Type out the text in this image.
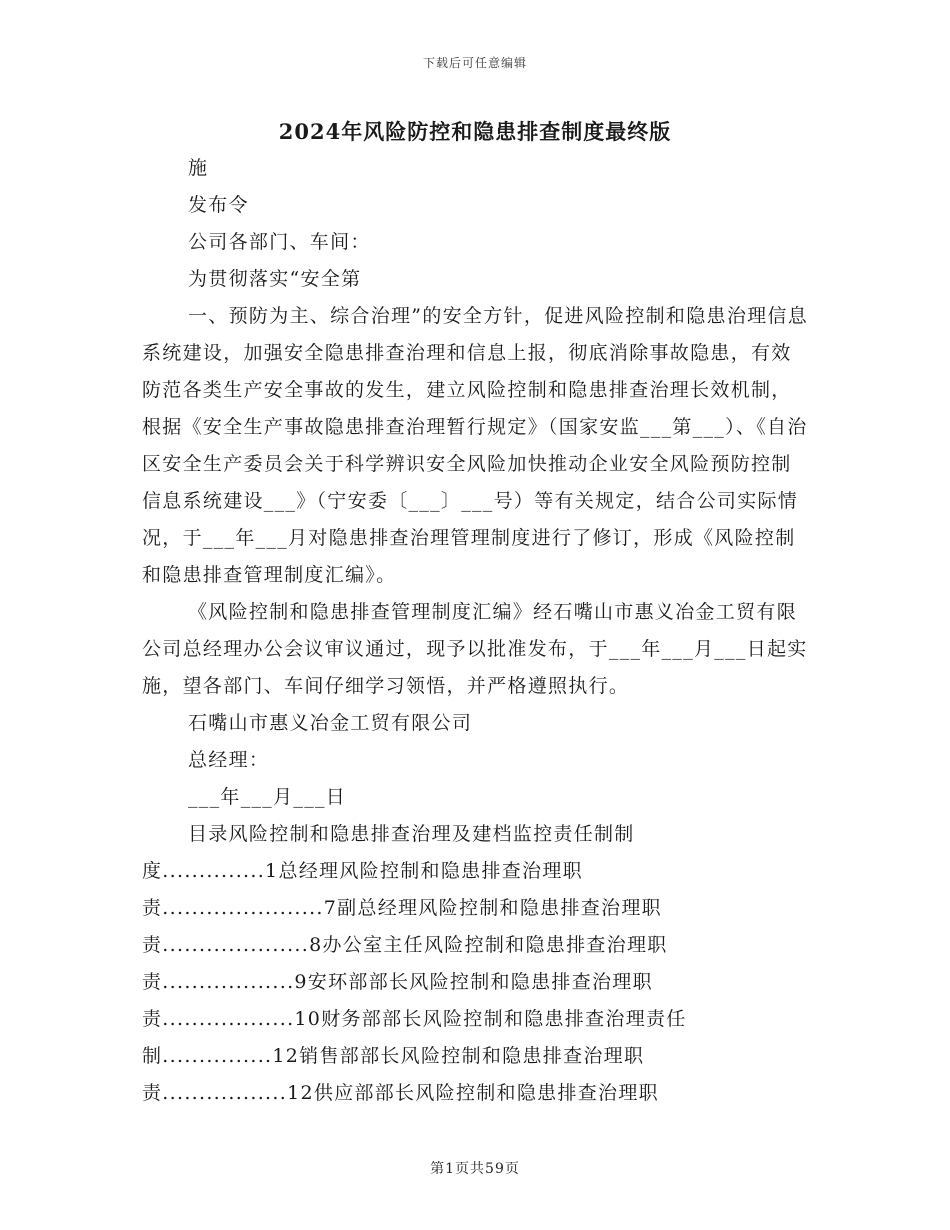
下载后可任意编辑
2024年风险防控和隐患排查制度最终版

施

发布令

公司各部门、车间：

为贯彻落实“安全第

一、预防为主、综合治理”的安全方针，促进风险控制和隐患治理信息系统建设，加强安全隐患排查治理和信息上报，彻底消除事故隐患，有效防范各类生产安全事故的发生，建立风险控制和隐患排查治理长效机制，根据《安全生产事故隐患排查治理暂行规定》（国家安监___第___）、《自治区安全生产委员会关于科学辨识安全风险加快推动企业安全风险预防控制信息系统建设___》（宁安委〔___〕___号）等有关规定，结合公司实际情况，于___年___月对隐患排查治理管理制度进行了修订，形成《风险控制和隐患排查管理制度汇编》。

《风险控制和隐患排查管理制度汇编》经石嘴山市惠义冶金工贸有限公司总经理办公会议审议通过，现予以批准发布，于___年___月___日起实施，望各部门、车间仔细学习领悟，并严格遵照执行。

石嘴山市惠义冶金工贸有限公司

总经理：

___年___月___日

目录风险控制和隐患排查治理及建档监控责任制制

度..............1总经理风险控制和隐患排查治理职

责......................7副总经理风险控制和隐患排查治理职

责....................8办公室主任风险控制和隐患排查治理职

责..................9安环部部长风险控制和隐患排查治理职

责..................10财务部部长风险控制和隐患排查治理责任

制...............12销售部部长风险控制和隐患排查治理职

责.................12供应部部长风险控制和隐患排查治理职

第1页共59页
